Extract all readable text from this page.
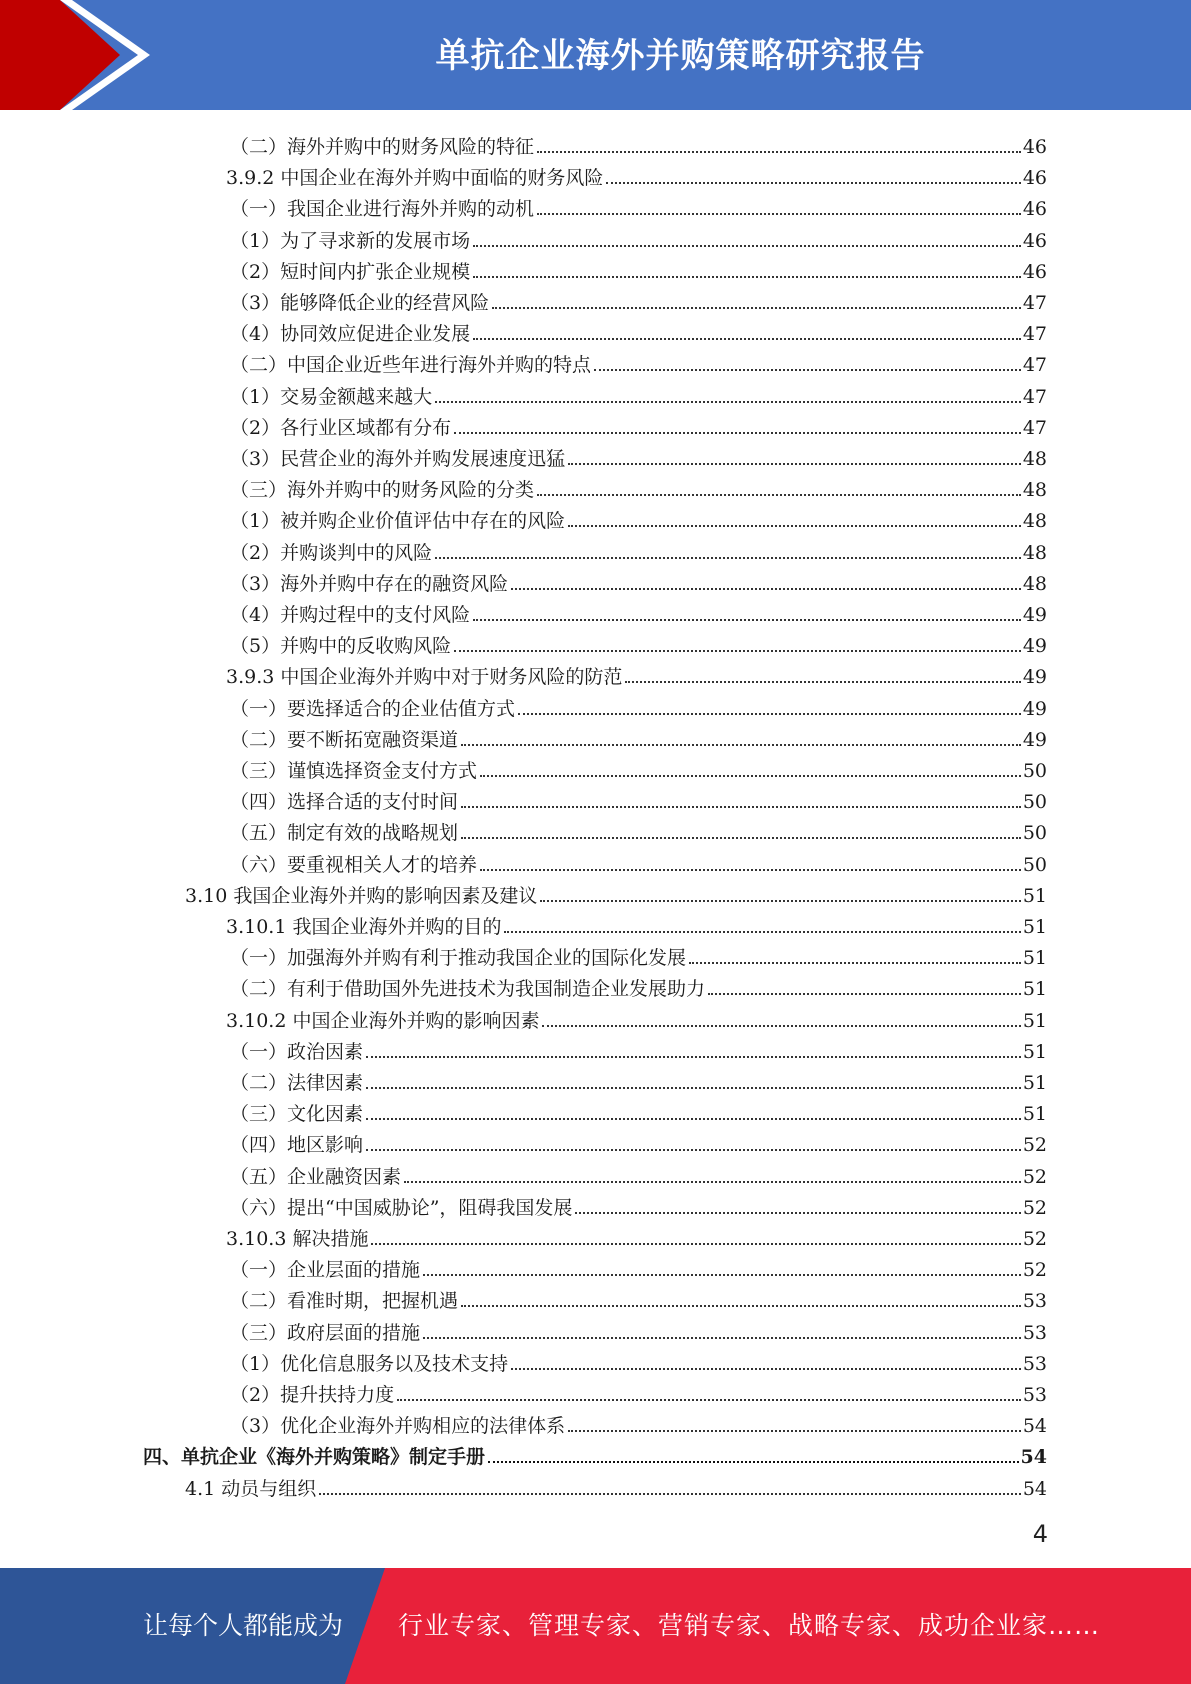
单抗企业海外并购策略研究报告
（二）海外并购中的财务风险的特征	46
3.9.2 中国企业在海外并购中面临的财务风险	46
（一）我国企业进行海外并购的动机	46
（1）为了寻求新的发展市场	46
（2）短时间内扩张企业规模	46
（3）能够降低企业的经营风险	47
（4）协同效应促进企业发展	47
（二）中国企业近些年进行海外并购的特点	47
（1）交易金额越来越大	47
（2）各行业区域都有分布	47
（3）民营企业的海外并购发展速度迅猛	48
（三）海外并购中的财务风险的分类	48
（1）被并购企业价值评估中存在的风险	48
（2）并购谈判中的风险	48
（3）海外并购中存在的融资风险	48
（4）并购过程中的支付风险	49
（5）并购中的反收购风险	49
3.9.3 中国企业海外并购中对于财务风险的防范	49
（一）要选择适合的企业估值方式	49
（二）要不断拓宽融资渠道	49
（三）谨慎选择资金支付方式	50
（四）选择合适的支付时间	50
（五）制定有效的战略规划	50
（六）要重视相关人才的培养	50
3.10 我国企业海外并购的影响因素及建议	51
3.10.1 我国企业海外并购的目的	51
（一）加强海外并购有利于推动我国企业的国际化发展	51
（二）有利于借助国外先进技术为我国制造企业发展助力	51
3.10.2 中国企业海外并购的影响因素	51
（一）政治因素	51
（二）法律因素	51
（三）文化因素	51
（四）地区影响	52
（五）企业融资因素	52
（六）提出“中国威胁论”，阻碍我国发展	52
3.10.3 解决措施	52
（一）企业层面的措施	52
（二）看准时期，把握机遇	53
（三）政府层面的措施	53
（1）优化信息服务以及技术支持	53
（2）提升扶持力度	53
（3）优化企业海外并购相应的法律体系	54
四、单抗企业《海外并购策略》制定手册	54
4.1 动员与组织	54
4
让每个人都能成为 行业专家、管理专家、营销专家、战略专家、成功企业家……
